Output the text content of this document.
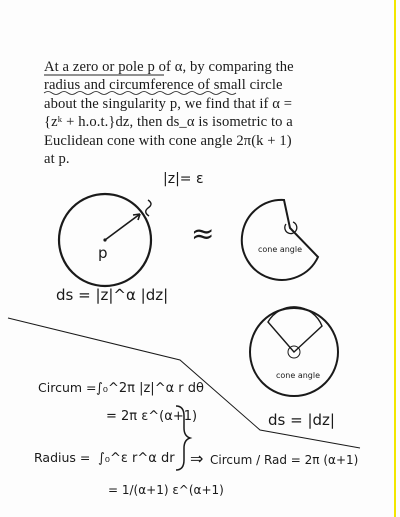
At a zero or pole p of α, by comparing the

radius and circumference of small circle

about the singularity p, we find that if α =

{zᵏ + h.o.t.}dz, then ds_α is isometric to a

Euclidean cone with cone angle 2π(k + 1)

at p.

p
|z|= ε
≈	cone angle
ds = |z|^α |dz|
cone angle
ds = |dz|
Circum = ∫₀^2π |z|^α r dθ
= 2π ε^(α+1)
Radius = ∫₀^ε r^α dr
= 1/(α+1) ε^(α+1)
⇒ Circum / Rad = 2π (α+1)
